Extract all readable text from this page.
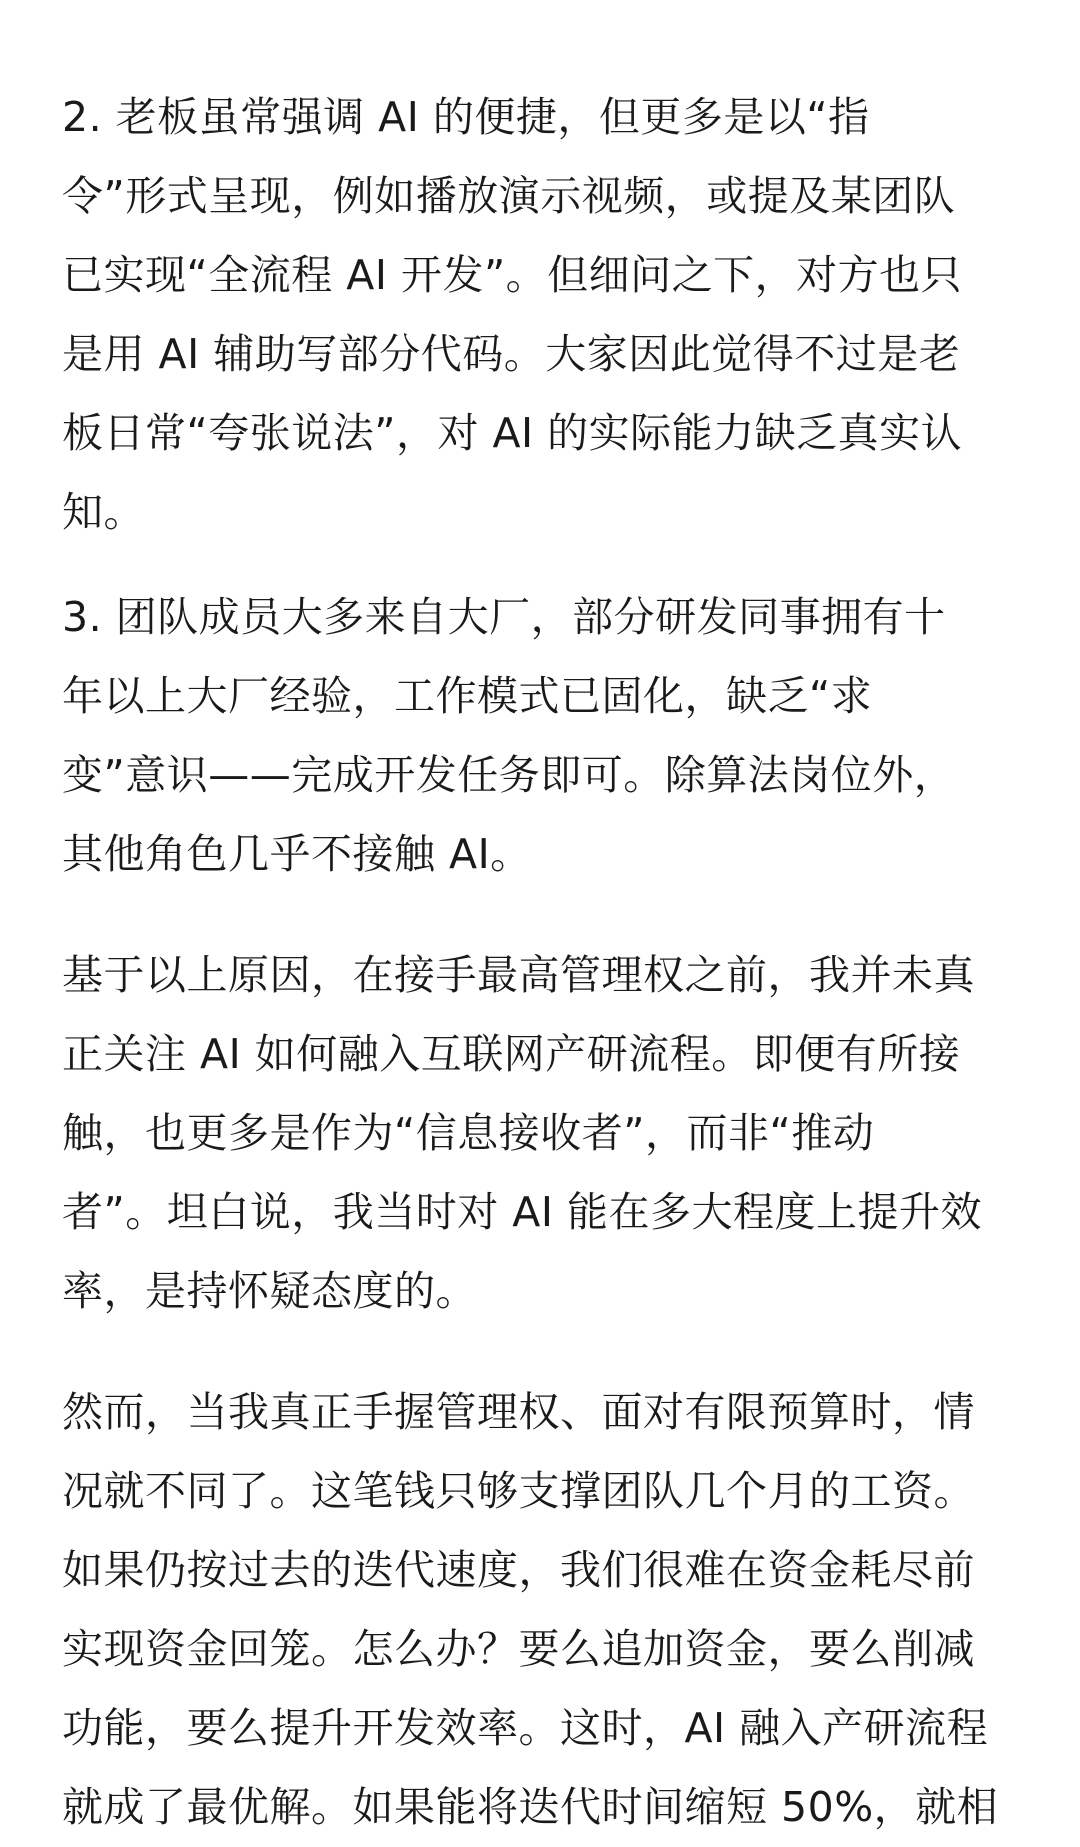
2. 老板虽常强调 AI 的便捷，但更多是以“指
令”形式呈现，例如播放演示视频，或提及某团队
已实现“全流程 AI 开发”。但细问之下，对方也只
是用 AI 辅助写部分代码。大家因此觉得不过是老
板日常“夸张说法”，对 AI 的实际能力缺乏真实认
知。
3. 团队成员大多来自大厂，部分研发同事拥有十
年以上大厂经验，工作模式已固化，缺乏“求
变”意识——完成开发任务即可。除算法岗位外，
其他角色几乎不接触 AI。
基于以上原因，在接手最高管理权之前，我并未真
正关注 AI 如何融入互联网产研流程。即便有所接
触，也更多是作为“信息接收者”，而非“推动
者”。坦白说，我当时对 AI 能在多大程度上提升效
率，是持怀疑态度的。
然而，当我真正手握管理权、面对有限预算时，情
况就不同了。这笔钱只够支撑团队几个月的工资。
如果仍按过去的迭代速度，我们很难在资金耗尽前
实现资金回笼。怎么办？要么追加资金，要么削减
功能，要么提升开发效率。这时，AI 融入产研流程
就成了最优解。如果能将迭代时间缩短 50%，就相
